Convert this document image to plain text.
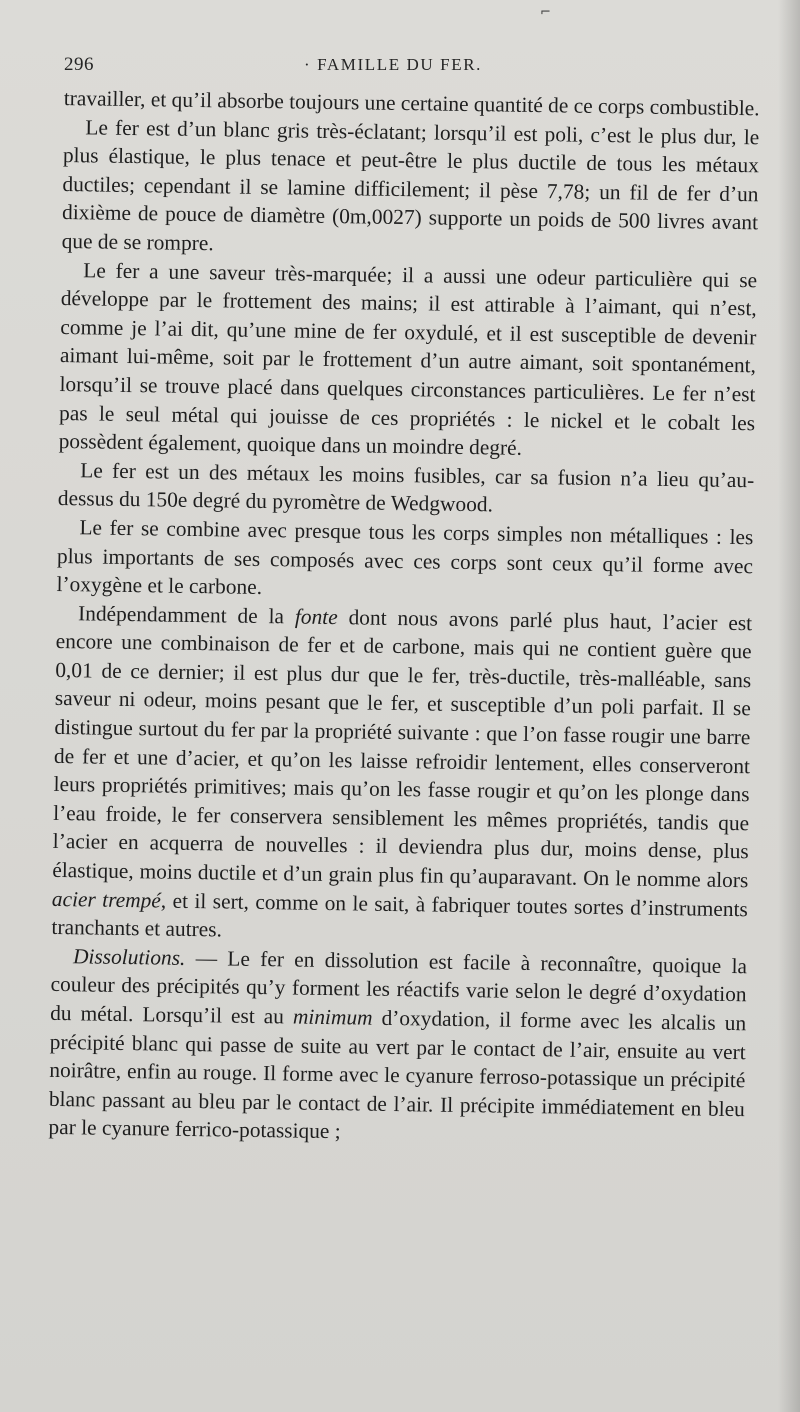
⌐
296	· FAMILLE DU FER.

travailler, et qu’il absorbe toujours une certaine quantité de ce corps combustible.

Le fer est d’un blanc gris très-éclatant; lorsqu’il est poli, c’est le plus dur, le plus élastique, le plus tenace et peut-être le plus ductile de tous les métaux ductiles; cependant il se lamine difficilement; il pèse 7,78; un fil de fer d’un dixième de pouce de diamètre (0m,0027) supporte un poids de 500 livres avant que de se rompre.

Le fer a une saveur très-marquée; il a aussi une odeur particulière qui se développe par le frottement des mains; il est attirable à l’aimant, qui n’est, comme je l’ai dit, qu’une mine de fer oxydulé, et il est susceptible de devenir aimant lui-même, soit par le frottement d’un autre aimant, soit spontanément, lorsqu’il se trouve placé dans quelques circonstances particulières. Le fer n’est pas le seul métal qui jouisse de ces propriétés : le nickel et le cobalt les possèdent également, quoique dans un moindre degré.

Le fer est un des métaux les moins fusibles, car sa fusion n’a lieu qu’au-dessus du 150e degré du pyromètre de Wedgwood.

Le fer se combine avec presque tous les corps simples non métalliques : les plus importants de ses composés avec ces corps sont ceux qu’il forme avec l’oxygène et le carbone.

Indépendamment de la fonte dont nous avons parlé plus haut, l’acier est encore une combinaison de fer et de carbone, mais qui ne contient guère que 0,01 de ce dernier; il est plus dur que le fer, très-ductile, très-malléable, sans saveur ni odeur, moins pesant que le fer, et susceptible d’un poli parfait. Il se distingue surtout du fer par la propriété suivante : que l’on fasse rougir une barre de fer et une d’acier, et qu’on les laisse refroidir lentement, elles conserveront leurs propriétés primitives; mais qu’on les fasse rougir et qu’on les plonge dans l’eau froide, le fer conservera sensiblement les mêmes propriétés, tandis que l’acier en acquerra de nouvelles : il deviendra plus dur, moins dense, plus élastique, moins ductile et d’un grain plus fin qu’auparavant. On le nomme alors acier trempé, et il sert, comme on le sait, à fabriquer toutes sortes d’instruments tranchants et autres.

Dissolutions. — Le fer en dissolution est facile à reconnaître, quoique la couleur des précipités qu’y forment les réactifs varie selon le degré d’oxydation du métal. Lorsqu’il est au minimum d’oxydation, il forme avec les alcalis un précipité blanc qui passe de suite au vert par le contact de l’air, ensuite au vert noirâtre, enfin au rouge. Il forme avec le cyanure ferroso-potassique un précipité blanc passant au bleu par le contact de l’air. Il précipite immédiatement en bleu par le cyanure ferrico-potassique ;
